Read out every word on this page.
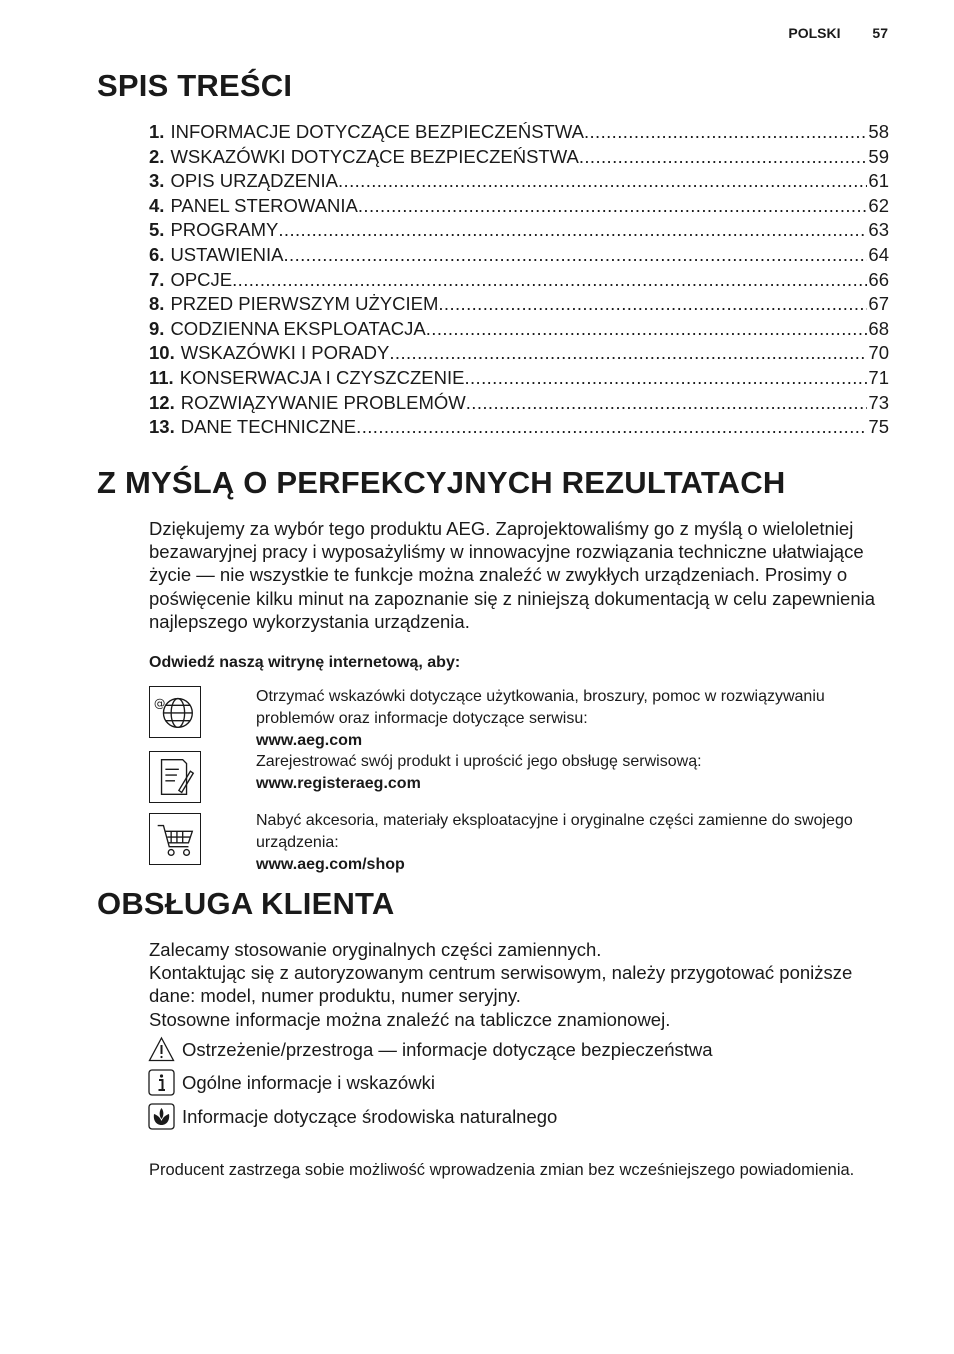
POLSKI 57
SPIS TREŚCI
1. INFORMACJE DOTYCZĄCE BEZPIECZEŃSTWA .....	58
2. WSKAZÓWKI DOTYCZĄCE BEZPIECZEŃSTWA .....	59
3. OPIS URZĄDZENIA .....	61
4. PANEL STEROWANIA .....	62
5. PROGRAMY .....	63
6. USTAWIENIA .....	64
7. OPCJE .....	66
8. PRZED PIERWSZYM UŻYCIEM .....	67
9. CODZIENNA EKSPLOATACJA .....	68
10. WSKAZÓWKI I PORADY .....	70
11. KONSERWACJA I CZYSZCZENIE .....	71
12. ROZWIĄZYWANIE PROBLEMÓW .....	73
13. DANE TECHNICZNE .....	75
Z MYŚLĄ O PERFEKCYJNYCH REZULTATACH

Dziękujemy za wybór tego produktu AEG. Zaprojektowaliśmy go z myślą o wieloletniej bezawaryjnej pracy i wyposażyliśmy w innowacyjne rozwiązania techniczne ułatwiające życie — nie wszystkie te funkcje można znaleźć w zwykłych urządzeniach. Prosimy o poświęcenie kilku minut na zapoznanie się z niniejszą dokumentacją w celu zapewnienia najlepszego wykorzystania urządzenia.

Odwiedź naszą witrynę internetową, aby:
@	Otrzymać wskazówki dotyczące użytkowania, broszury, pomoc w rozwiązywaniu problemów oraz informacje dotyczące serwisu:
www.aeg.com
Zarejestrować swój produkt i uprościć jego obsługę serwisową:
www.registeraeg.com
Nabyć akcesoria, materiały eksploatacyjne i oryginalne części zamienne do swojego urządzenia:
www.aeg.com/shop
OBSŁUGA KLIENTA
Zalecamy stosowanie oryginalnych części zamiennych.
Kontaktując się z autoryzowanym centrum serwisowym, należy przygotować poniższe dane: model, numer produktu, numer seryjny.
Stosowne informacje można znaleźć na tabliczce znamionowej.
Ostrzeżenie/przestroga — informacje dotyczące bezpieczeństwa
Ogólne informacje i wskazówki
Informacje dotyczące środowiska naturalnego

Producent zastrzega sobie możliwość wprowadzenia zmian bez wcześniejszego powiadomienia.
